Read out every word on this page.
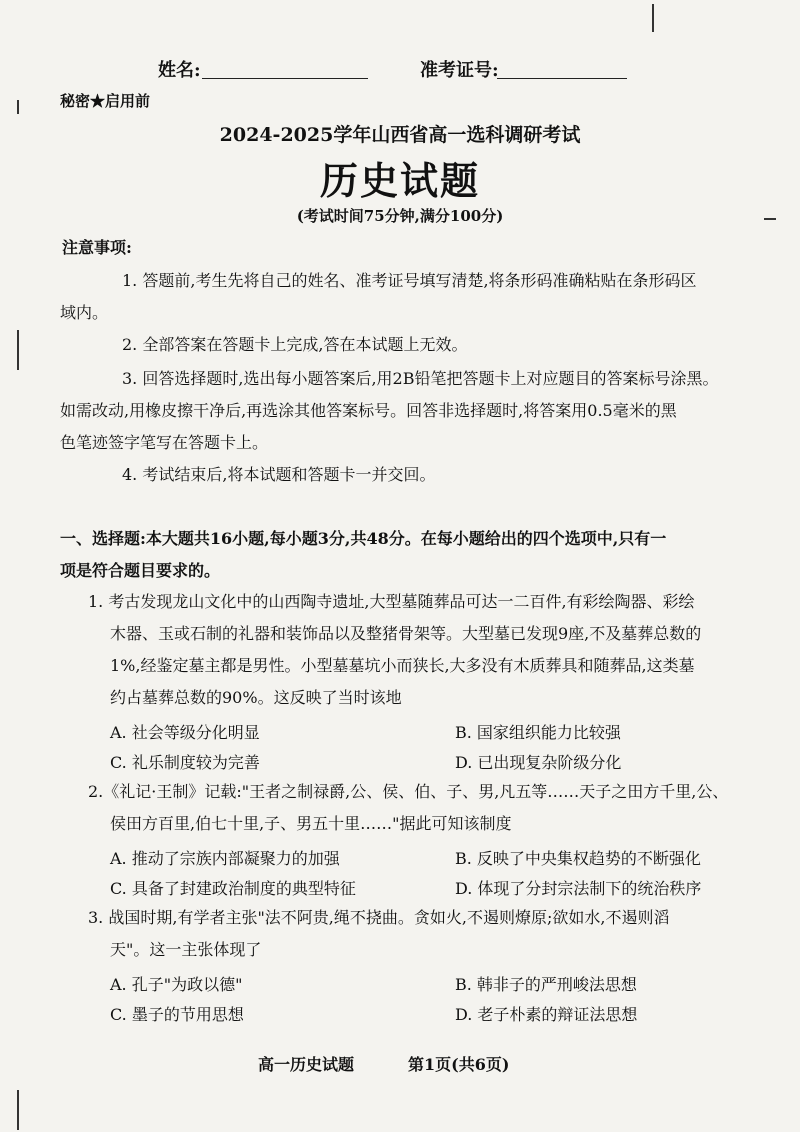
姓名:	准考证号:
秘密★启用前
2024-2025学年山西省高一选科调研考试
历史试题
(考试时间75分钟,满分100分)
注意事项:
1. 答题前,考生先将自己的姓名、准考证号填写清楚,将条形码准确粘贴在条形码区
域内。
2. 全部答案在答题卡上完成,答在本试题上无效。
3. 回答选择题时,选出每小题答案后,用2B铅笔把答题卡上对应题目的答案标号涂黑。
如需改动,用橡皮擦干净后,再选涂其他答案标号。回答非选择题时,将答案用0.5毫米的黑
色笔迹签字笔写在答题卡上。
4. 考试结束后,将本试题和答题卡一并交回。
一、选择题:本大题共16小题,每小题3分,共48分。在每小题给出的四个选项中,只有一
项是符合题目要求的。
1. 考古发现龙山文化中的山西陶寺遗址,大型墓随葬品可达一二百件,有彩绘陶器、彩绘
木器、玉或石制的礼器和装饰品以及整猪骨架等。大型墓已发现9座,不及墓葬总数的
1%,经鉴定墓主都是男性。小型墓墓坑小而狭长,大多没有木质葬具和随葬品,这类墓
约占墓葬总数的90%。这反映了当时该地
A. 社会等级分化明显	B. 国家组织能力比较强
C. 礼乐制度较为完善	D. 已出现复杂阶级分化
2.《礼记·王制》记载:"王者之制禄爵,公、侯、伯、子、男,凡五等……天子之田方千里,公、
侯田方百里,伯七十里,子、男五十里……"据此可知该制度
A. 推动了宗族内部凝聚力的加强	B. 反映了中央集权趋势的不断强化
C. 具备了封建政治制度的典型特征	D. 体现了分封宗法制下的统治秩序
3. 战国时期,有学者主张"法不阿贵,绳不挠曲。贪如火,不遏则燎原;欲如水,不遏则滔
天"。这一主张体现了
A. 孔子"为政以德"	B. 韩非子的严刑峻法思想
C. 墨子的节用思想	D. 老子朴素的辩证法思想
高一历史试题	第1页(共6页)
